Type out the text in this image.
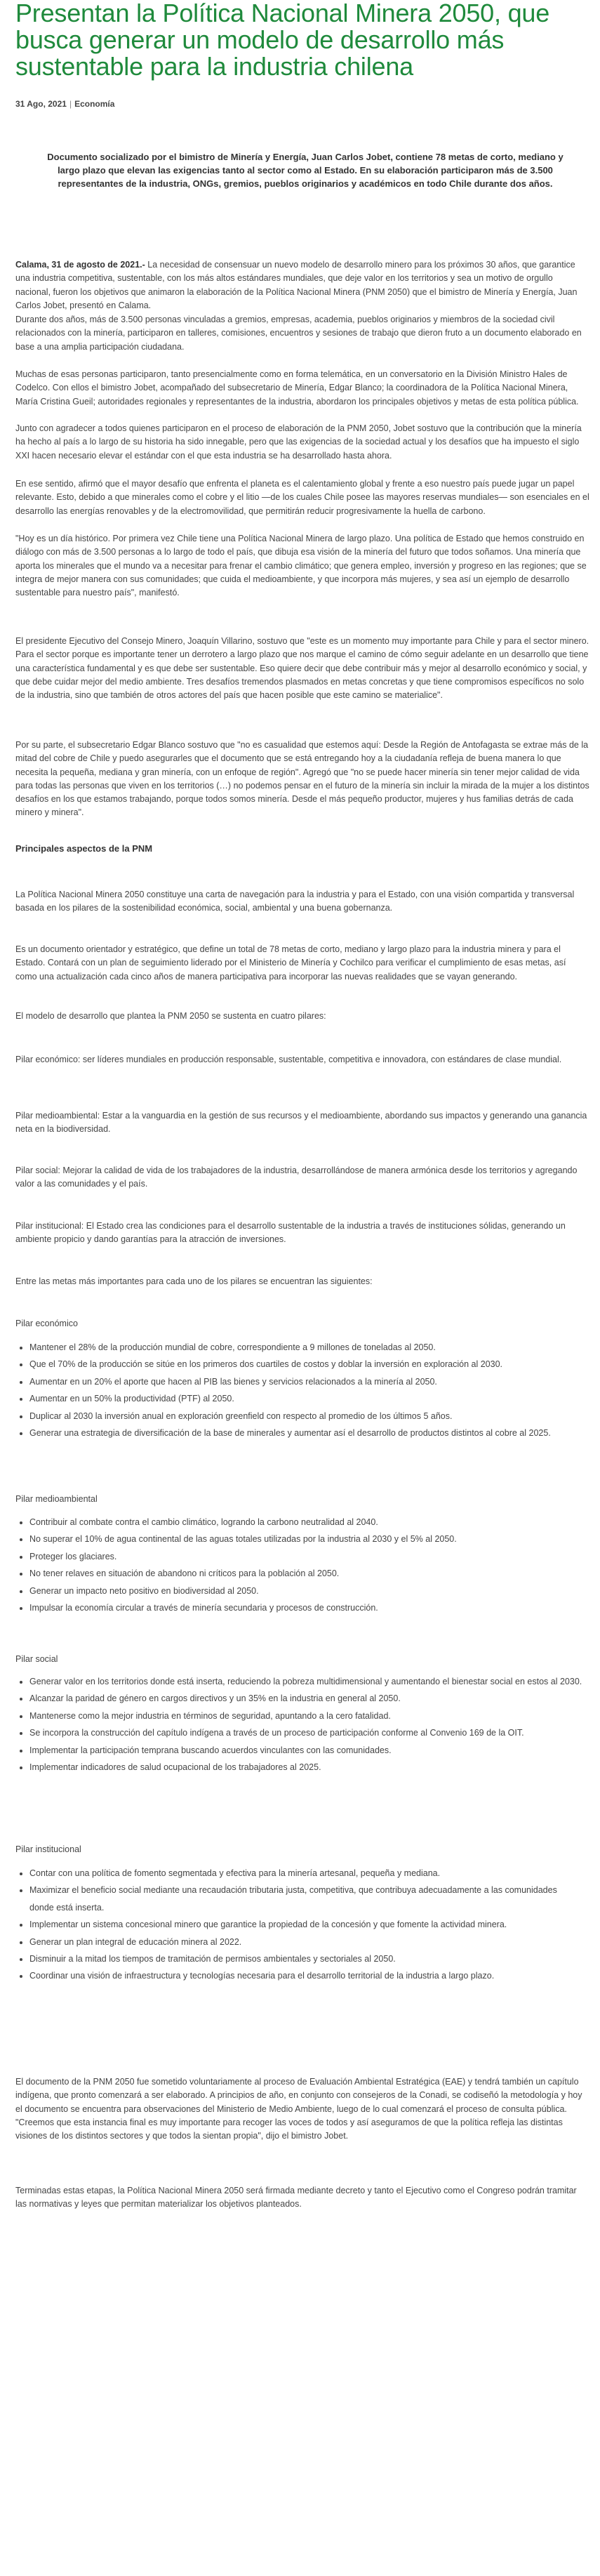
Presentan la Política Nacional Minera 2050, que busca generar un modelo de desarrollo más sustentable para la industria chilena
31 Ago, 2021 | Economía

Documento socializado por el bimistro de Minería y Energía, Juan Carlos Jobet, contiene 78 metas de corto, mediano y largo plazo que elevan las exigencias tanto al sector como al Estado. En su elaboración participaron más de 3.500 representantes de la industria, ONGs, gremios, pueblos originarios y académicos en todo Chile durante dos años.

Calama, 31 de agosto de 2021.- La necesidad de consensuar un nuevo modelo de desarrollo minero para los próximos 30 años, que garantice una industria competitiva, sustentable, con los más altos estándares mundiales, que deje valor en los territorios y sea un motivo de orgullo nacional, fueron los objetivos que animaron la elaboración de la Política Nacional Minera (PNM 2050) que el bimistro de Minería y Energía, Juan Carlos Jobet, presentó en Calama.

Durante dos años, más de 3.500 personas vinculadas a gremios, empresas, academia, pueblos originarios y miembros de la sociedad civil relacionados con la minería, participaron en talleres, comisiones, encuentros y sesiones de trabajo que dieron fruto a un documento elaborado en base a una amplia participación ciudadana.

Muchas de esas personas participaron, tanto presencialmente como en forma telemática, en un conversatorio en la División Ministro Hales de Codelco. Con ellos el bimistro Jobet, acompañado del subsecretario de Minería, Edgar Blanco; la coordinadora de la Política Nacional Minera, María Cristina Gueil; autoridades regionales y representantes de la industria, abordaron los principales objetivos y metas de esta política pública.

Junto con agradecer a todos quienes participaron en el proceso de elaboración de la PNM 2050, Jobet sostuvo que la contribución que la minería ha hecho al país a lo largo de su historia ha sido innegable, pero que las exigencias de la sociedad actual y los desafíos que ha impuesto el siglo XXI hacen necesario elevar el estándar con el que esta industria se ha desarrollado hasta ahora.

En ese sentido, afirmó que el mayor desafío que enfrenta el planeta es el calentamiento global y frente a eso nuestro país puede jugar un papel relevante. Esto, debido a que minerales como el cobre y el litio —de los cuales Chile posee las mayores reservas mundiales— son esenciales en el desarrollo las energías renovables y de la electromovilidad, que permitirán reducir progresivamente la huella de carbono.

"Hoy es un día histórico. Por primera vez Chile tiene una Política Nacional Minera de largo plazo. Una política de Estado que hemos construido en diálogo con más de 3.500 personas a lo largo de todo el país, que dibuja esa visión de la minería del futuro que todos soñamos. Una minería que aporta los minerales que el mundo va a necesitar para frenar el cambio climático; que genera empleo, inversión y progreso en las regiones; que se integra de mejor manera con sus comunidades; que cuida el medioambiente, y que incorpora más mujeres, y sea así un ejemplo de desarrollo sustentable para nuestro país", manifestó.

El presidente Ejecutivo del Consejo Minero, Joaquín Villarino, sostuvo que "este es un momento muy importante para Chile y para el sector minero. Para el sector porque es importante tener un derrotero a largo plazo que nos marque el camino de cómo seguir adelante en un desarrollo que tiene una característica fundamental y es que debe ser sustentable. Eso quiere decir que debe contribuir más y mejor al desarrollo económico y social, y que debe cuidar mejor del medio ambiente. Tres desafíos tremendos plasmados en metas concretas y que tiene compromisos específicos no solo de la industria, sino que también de otros actores del país que hacen posible que este camino se materialice".

Por su parte, el subsecretario Edgar Blanco sostuvo que "no es casualidad que estemos aquí: Desde la Región de Antofagasta se extrae más de la mitad del cobre de Chile y puedo asegurarles que el documento que se está entregando hoy a la ciudadanía refleja de buena manera lo que necesita la pequeña, mediana y gran minería, con un enfoque de región". Agregó que "no se puede hacer minería sin tener mejor calidad de vida para todas las personas que viven en los territorios (…) no podemos pensar en el futuro de la minería sin incluir la mirada de la mujer a los distintos desafíos en los que estamos trabajando, porque todos somos minería. Desde el más pequeño productor, mujeres y hus familias detrás de cada minero y minera".

Principales aspectos de la PNM

La Política Nacional Minera 2050 constituye una carta de navegación para la industria y para el Estado, con una visión compartida y transversal basada en los pilares de la sostenibilidad económica, social, ambiental y una buena gobernanza.

Es un documento orientador y estratégico, que define un total de 78 metas de corto, mediano y largo plazo para la industria minera y para el Estado. Contará con un plan de seguimiento liderado por el Ministerio de Minería y Cochilco para verificar el cumplimiento de esas metas, así como una actualización cada cinco años de manera participativa para incorporar las nuevas realidades que se vayan generando.

El modelo de desarrollo que plantea la PNM 2050 se sustenta en cuatro pilares:

Pilar económico: ser líderes mundiales en producción responsable, sustentable, competitiva e innovadora, con estándares de clase mundial.

Pilar medioambiental: Estar a la vanguardia en la gestión de sus recursos y el medioambiente, abordando sus impactos y generando una ganancia neta en la biodiversidad.

Pilar social: Mejorar la calidad de vida de los trabajadores de la industria, desarrollándose de manera armónica desde los territorios y agregando valor a las comunidades y el país.

Pilar institucional: El Estado crea las condiciones para el desarrollo sustentable de la industria a través de instituciones sólidas, generando un ambiente propicio y dando garantías para la atracción de inversiones.

Entre las metas más importantes para cada uno de los pilares se encuentran las siguientes:

Pilar económico
• Mantener el 28% de la producción mundial de cobre, correspondiente a 9 millones de toneladas al 2050.
• Que el 70% de la producción se sitúe en los primeros dos cuartiles de costos y doblar la inversión en exploración al 2030.
• Aumentar en un 20% el aporte que hacen al PIB las bienes y servicios relacionados a la minería al 2050.
• Aumentar en un 50% la productividad (PTF) al 2050.
• Duplicar al 2030 la inversión anual en exploración greenfield con respecto al promedio de los últimos 5 años.
• Generar una estrategia de diversificación de la base de minerales y aumentar así el desarrollo de productos distintos al cobre al 2025.
Pilar medioambiental
• Contribuir al combate contra el cambio climático, logrando la carbono neutralidad al 2040.
• No superar el 10% de agua continental de las aguas totales utilizadas por la industria al 2030 y el 5% al 2050.
• Proteger los glaciares.
• No tener relaves en situación de abandono ni críticos para la población al 2050.
• Generar un impacto neto positivo en biodiversidad al 2050.
• Impulsar la economía circular a través de minería secundaria y procesos de construcción.
Pilar social
• Generar valor en los territorios donde está inserta, reduciendo la pobreza multidimensional y aumentando el bienestar social en estos al 2030.
• Alcanzar la paridad de género en cargos directivos y un 35% en la industria en general al 2050.
• Mantenerse como la mejor industria en términos de seguridad, apuntando a la cero fatalidad.
• Se incorpora la construcción del capítulo indígena a través de un proceso de participación conforme al Convenio 169 de la OIT.
• Implementar la participación temprana buscando acuerdos vinculantes con las comunidades.
• Implementar indicadores de salud ocupacional de los trabajadores al 2025.
Pilar institucional
• Contar con una política de fomento segmentada y efectiva para la minería artesanal, pequeña y mediana.
• Maximizar el beneficio social mediante una recaudación tributaria justa, competitiva, que contribuya adecuadamente a las comunidades donde está inserta.
• Implementar un sistema concesional minero que garantice la propiedad de la concesión y que fomente la actividad minera.
• Generar un plan integral de educación minera al 2022.
• Disminuir a la mitad los tiempos de tramitación de permisos ambientales y sectoriales al 2050.
• Coordinar una visión de infraestructura y tecnologías necesaria para el desarrollo territorial de la industria a largo plazo.

El documento de la PNM 2050 fue sometido voluntariamente al proceso de Evaluación Ambiental Estratégica (EAE) y tendrá también un capítulo indígena, que pronto comenzará a ser elaborado. A principios de año, en conjunto con consejeros de la Conadi, se codiseñó la metodología y hoy el documento se encuentra para observaciones del Ministerio de Medio Ambiente, luego de lo cual comenzará el proceso de consulta pública. "Creemos que esta instancia final es muy importante para recoger las voces de todos y así aseguramos de que la política refleja las distintas visiones de los distintos sectores y que todos la sientan propia", dijo el bimistro Jobet.

Terminadas estas etapas, la Política Nacional Minera 2050 será firmada mediante decreto y tanto el Ejecutivo como el Congreso podrán tramitar las normativas y leyes que permitan materializar los objetivos planteados.
